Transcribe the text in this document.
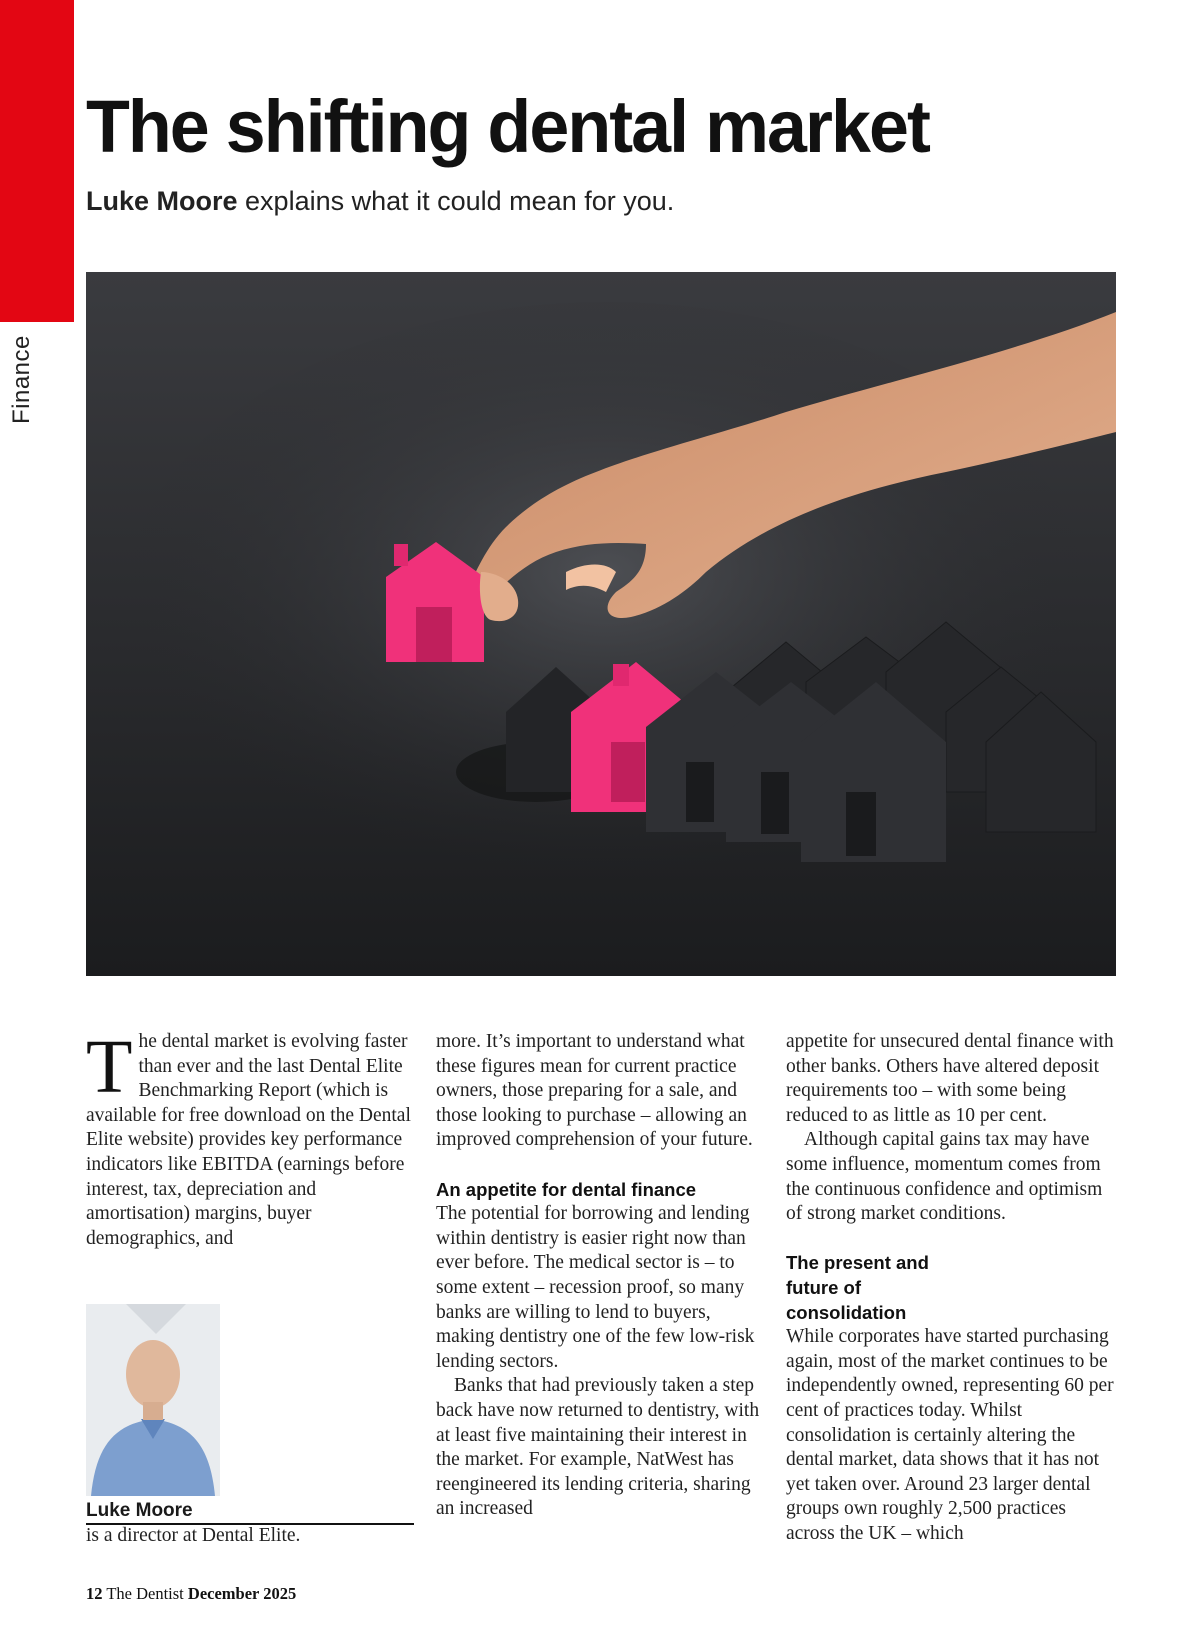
Finance
The shifting dental market

Luke Moore explains what it could mean for you.

The dental market is evolving faster than ever and the last Dental Elite Benchmarking Report (which is available for free download on the Dental Elite website) provides key performance indicators like EBITDA (earnings before interest, tax, depreciation and amortisation) margins, buyer demographics, and

more. It’s important to understand what these figures mean for current practice owners, those preparing for a sale, and those looking to purchase – allowing an improved comprehension of your future.

An appetite for dental finance

The potential for borrowing and lending within dentistry is easier right now than ever before. The medical sector is – to some extent – recession proof, so many banks are willing to lend to buyers, making dentistry one of the few low-risk lending sectors.

Banks that had previously taken a step back have now returned to dentistry, with at least five maintaining their interest in the market. For example, NatWest has reengineered its lending criteria, sharing an increased

appetite for unsecured dental finance with other banks. Others have altered deposit requirements too – with some being reduced to as little as 10 per cent.

Although capital gains tax may have some influence, momentum comes from the continuous confidence and optimism of strong market conditions.

The present and future of consolidation

While corporates have started purchasing again, most of the market continues to be independently owned, representing 60 per cent of practices today. Whilst consolidation is certainly altering the dental market, data shows that it has not yet taken over. Around 23 larger dental groups own roughly 2,500 practices across the UK – which

Luke Moore
is a director at Dental Elite.
12 The Dentist December 2025
